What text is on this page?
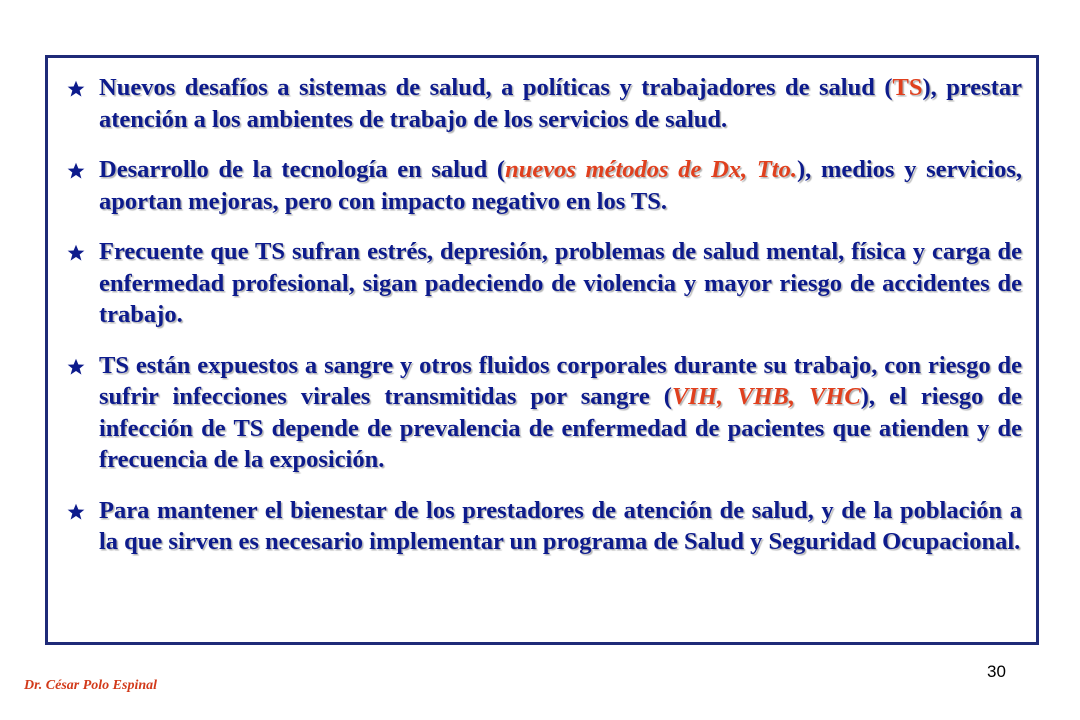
Nuevos desafíos a sistemas de salud, a políticas y trabajadores de salud (TS), prestar atención a los ambientes de trabajo de los servicios de salud.

Desarrollo de la tecnología en salud (nuevos métodos de Dx, Tto.), medios y servicios, aportan mejoras, pero con impacto negativo en los TS.

Frecuente que TS sufran estrés, depresión, problemas de salud mental, física y carga de enfermedad profesional, sigan padeciendo de violencia y mayor riesgo de accidentes de trabajo.

TS están expuestos a sangre y otros fluidos corporales durante su trabajo, con riesgo de sufrir infecciones virales transmitidas por sangre (VIH, VHB, VHC), el riesgo de infección de TS depende de prevalencia de enfermedad de pacientes que atienden y de frecuencia de la exposición.

Para mantener el bienestar de los prestadores de atención de salud, y de la población a la que sirven es necesario implementar un programa de Salud y Seguridad Ocupacional.

Dr. César Polo Espinal
30
